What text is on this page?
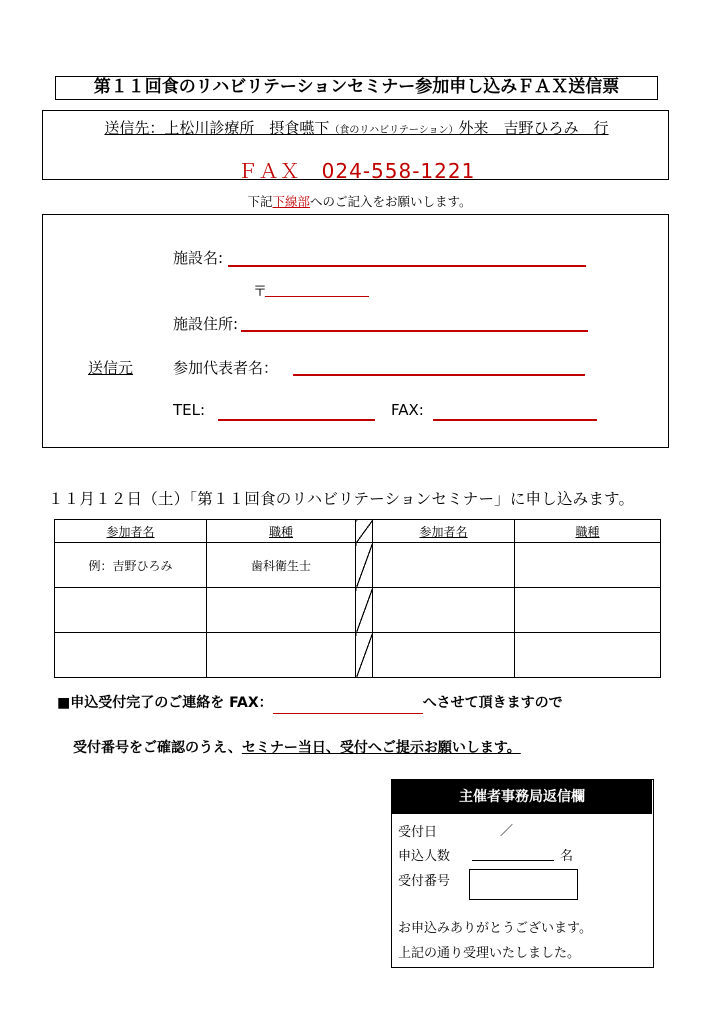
第１１回食のリハビリテーションセミナー参加申し込みＦＡＸ送信票
送信先：上松川診療所　摂食嚥下（食のリハビリテーション）外来　吉野ひろみ　行
ＦＡＸ　024-558-1221
下記下線部へのご記入をお願いします。
施設名:
〒
施設住所:
送信元	参加代表者名：
TEL:	FAX:
１１月１２日（土）「第１１回食のリハビリテーションセミナー」に申し込みます。
参加者名	職種		参加者名	職種
例：吉野ひろみ	歯科衛生士			

■申込受付完了のご連絡を FAX：	へさせて頂きますので
受付番号をご確認のうえ、セミナー当日、受付へご提示お願いします。
主催者事務局返信欄
受付日	／
申込人数	名
受付番号
お申込みありがとうございます。
上記の通り受理いたしました。
